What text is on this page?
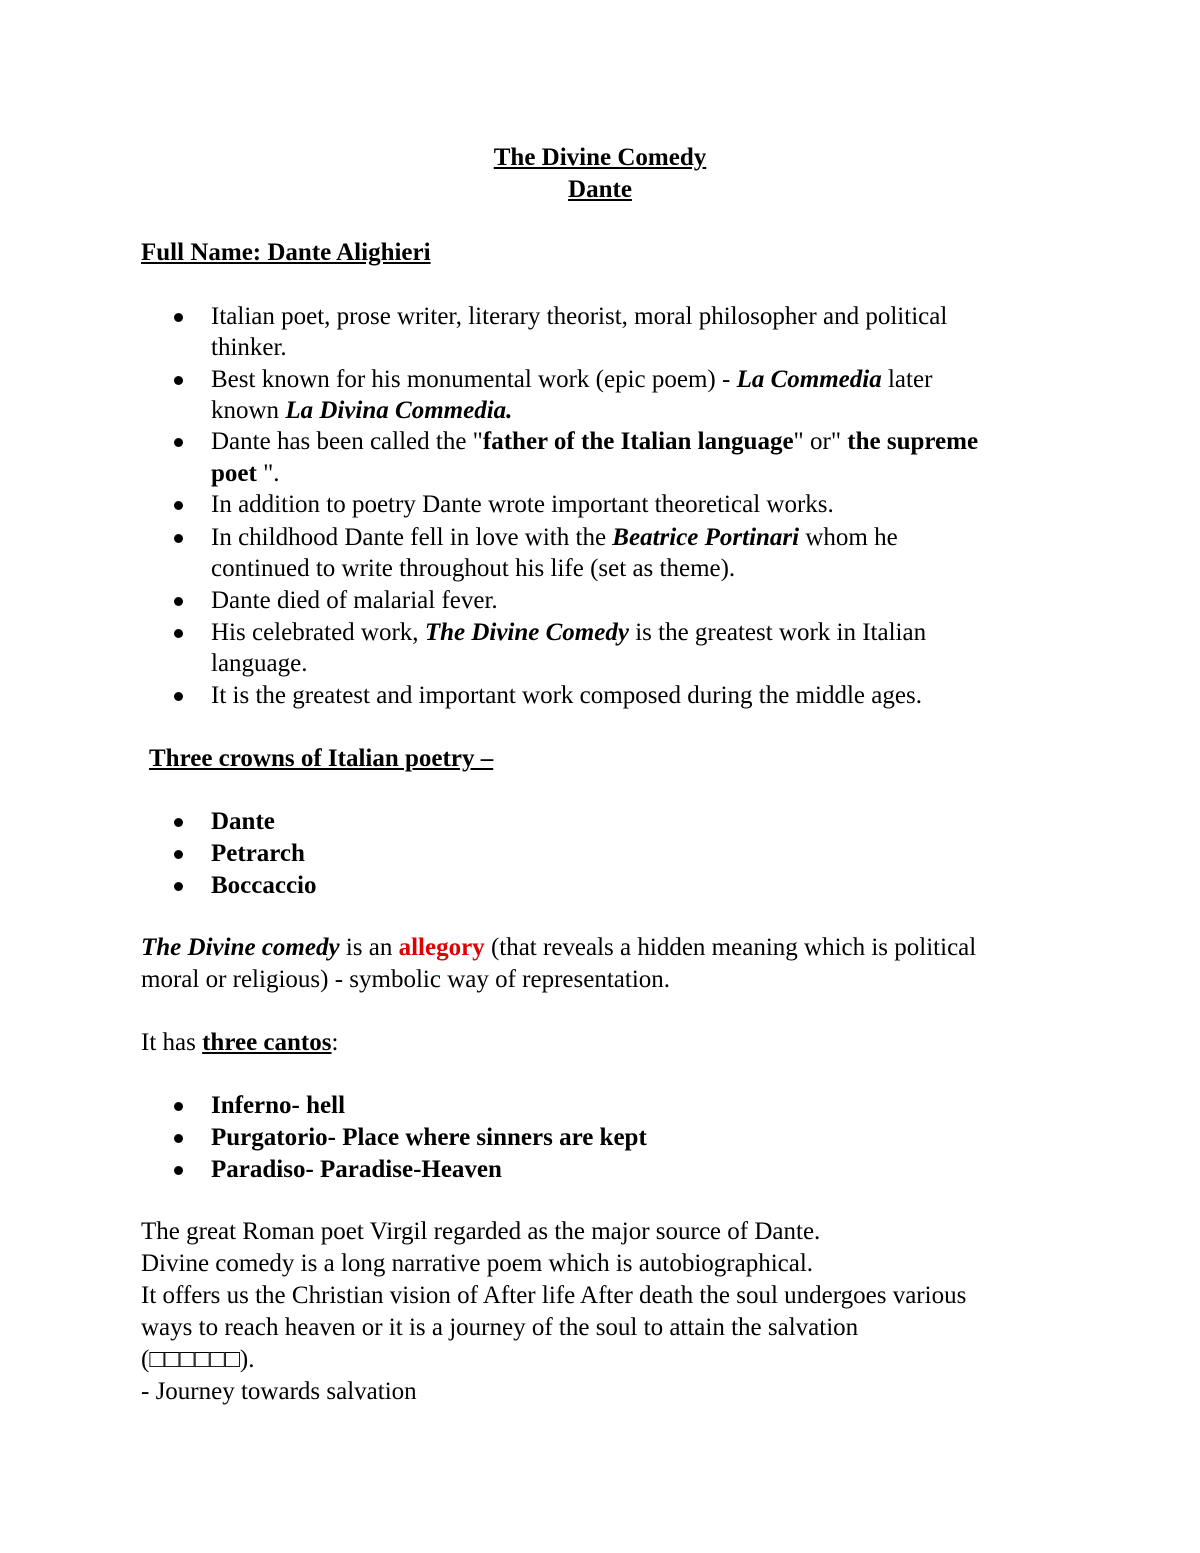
The Divine Comedy
Dante
Full Name: Dante Alighieri
Italian poet, prose writer, literary theorist, moral philosopher and political
thinker.
Best known for his monumental work (epic poem) - La Commedia later
known La Divina Commedia.
Dante has been called the "father of the Italian language" or" the supreme
poet ".
In addition to poetry Dante wrote important theoretical works.
In childhood Dante fell in love with the Beatrice Portinari whom he
continued to write throughout his life (set as theme).
Dante died of malarial fever.
His celebrated work, The Divine Comedy is the greatest work in Italian
language.
It is the greatest and important work composed during the middle ages.
Three crowns of Italian poetry –
Dante
Petrarch
Boccaccio
The Divine comedy is an allegory (that reveals a hidden meaning which is political
moral or religious) - symbolic way of representation.
It has three cantos:
Inferno- hell
Purgatorio- Place where sinners are kept
Paradiso- Paradise-Heaven
The great Roman poet Virgil regarded as the major source of Dante.
Divine comedy is a long narrative poem which is autobiographical.
It offers us the Christian vision of After life After death the soul undergoes various
ways to reach heaven or it is a journey of the soul to attain the salvation
(□□□□□□).
- Journey towards salvation
